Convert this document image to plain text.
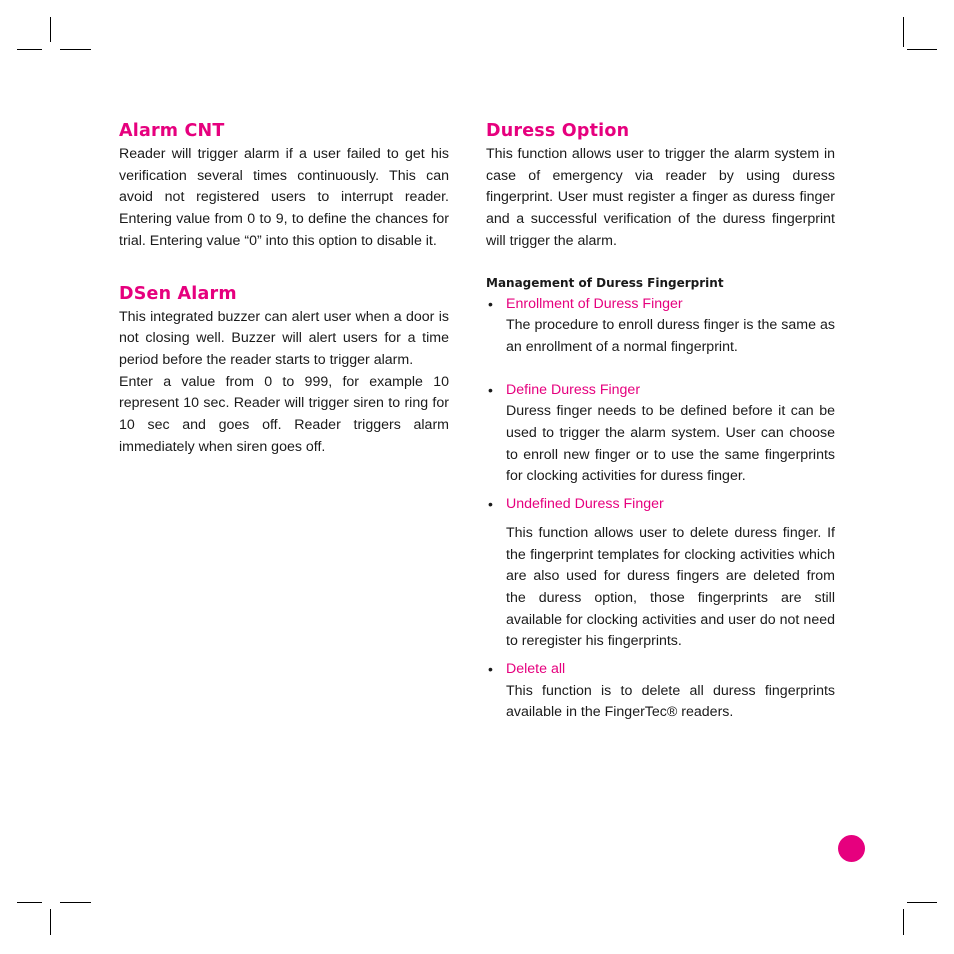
Alarm CNT

Reader will trigger alarm if a user failed to get his verification several times continuously. This can avoid not registered users to interrupt reader. Entering value from 0 to 9, to define the chances for trial. Entering value “0” into this option to disable it.

DSen Alarm

This integrated buzzer can alert user when a door is not closing well. Buzzer will alert users for a time period before the reader starts to trigger alarm.

Enter a value from 0 to 999, for example 10 represent 10 sec. Reader will trigger siren to ring for 10 sec and goes off. Reader triggers alarm immediately when siren goes off.

Duress Option

This function allows user to trigger the alarm system in case of emergency via reader by using duress fingerprint. User must register a finger as duress finger and a successful verification of the duress fingerprint will trigger the alarm.

Management of Duress Fingerprint
• Enrollment of Duress Finger

The procedure to enroll duress finger is the same as an enrollment of a normal fingerprint.

• Define Duress Finger

Duress finger needs to be defined before it can be used to trigger the alarm system. User can choose to enroll new finger or to use the same fingerprints for clocking activities for duress finger.

• Undefined Duress Finger

This function allows user to delete duress finger. If the fingerprint templates for clocking activities which are also used for duress fingers are deleted from the duress option, those fingerprints are still available for clocking activities and user do not need to reregister his fingerprints.

• Delete all

This function is to delete all duress fingerprints available in the FingerTec® readers.
